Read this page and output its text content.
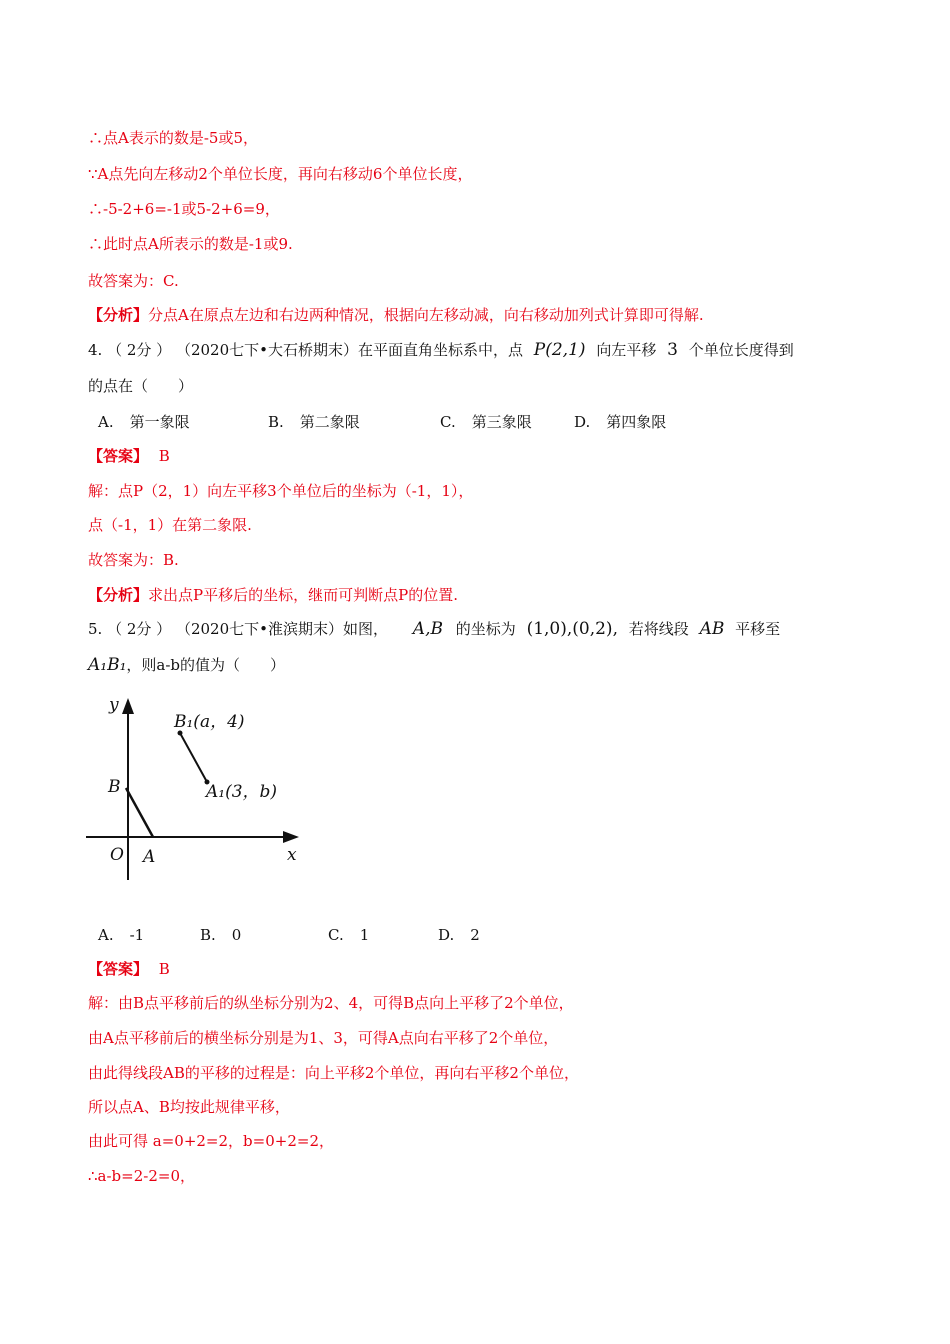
∴点A表示的数是-5或5，
∵A点先向左移动2个单位长度，再向右移动6个单位长度，
∴-5-2+6=-1或5-2+6=9，
∴此时点A所表示的数是-1或9.
故答案为：C.
【分析】分点A在原点左边和右边两种情况，根据向左移动减，向右移动加列式计算即可得解.
4. （ 2分 ） （2020七下•大石桥期末）在平面直角坐标系中，点 P(2,1) 向左平移 3 个单位长度得到
的点在（　　）
A. 第一象限	B. 第二象限	C. 第三象限	D. 第四象限
【答案】 B
解：点P（2，1）向左平移3个单位后的坐标为（-1，1），
点（-1，1）在第二象限.
故答案为：B.
【分析】求出点P平移后的坐标，继而可判断点P的位置.
5. （ 2分 ） （2020七下•淮滨期末）如图， A,B 的坐标为 (1,0),(0,2), 若将线段 AB 平移至
A₁B₁，则a-b的值为（　　）
y
x
O A
B
B₁(a，4)
A₁(3，b)
A. -1	B. 0	C. 1	D. 2
【答案】 B
解：由B点平移前后的纵坐标分别为2、4，可得B点向上平移了2个单位，
由A点平移前后的横坐标分别是为1、3，可得A点向右平移了2个单位，
由此得线段AB的平移的过程是：向上平移2个单位，再向右平移2个单位，
所以点A、B均按此规律平移，
由此可得 a=0+2=2，b=0+2=2，
∴a-b=2-2=0，
